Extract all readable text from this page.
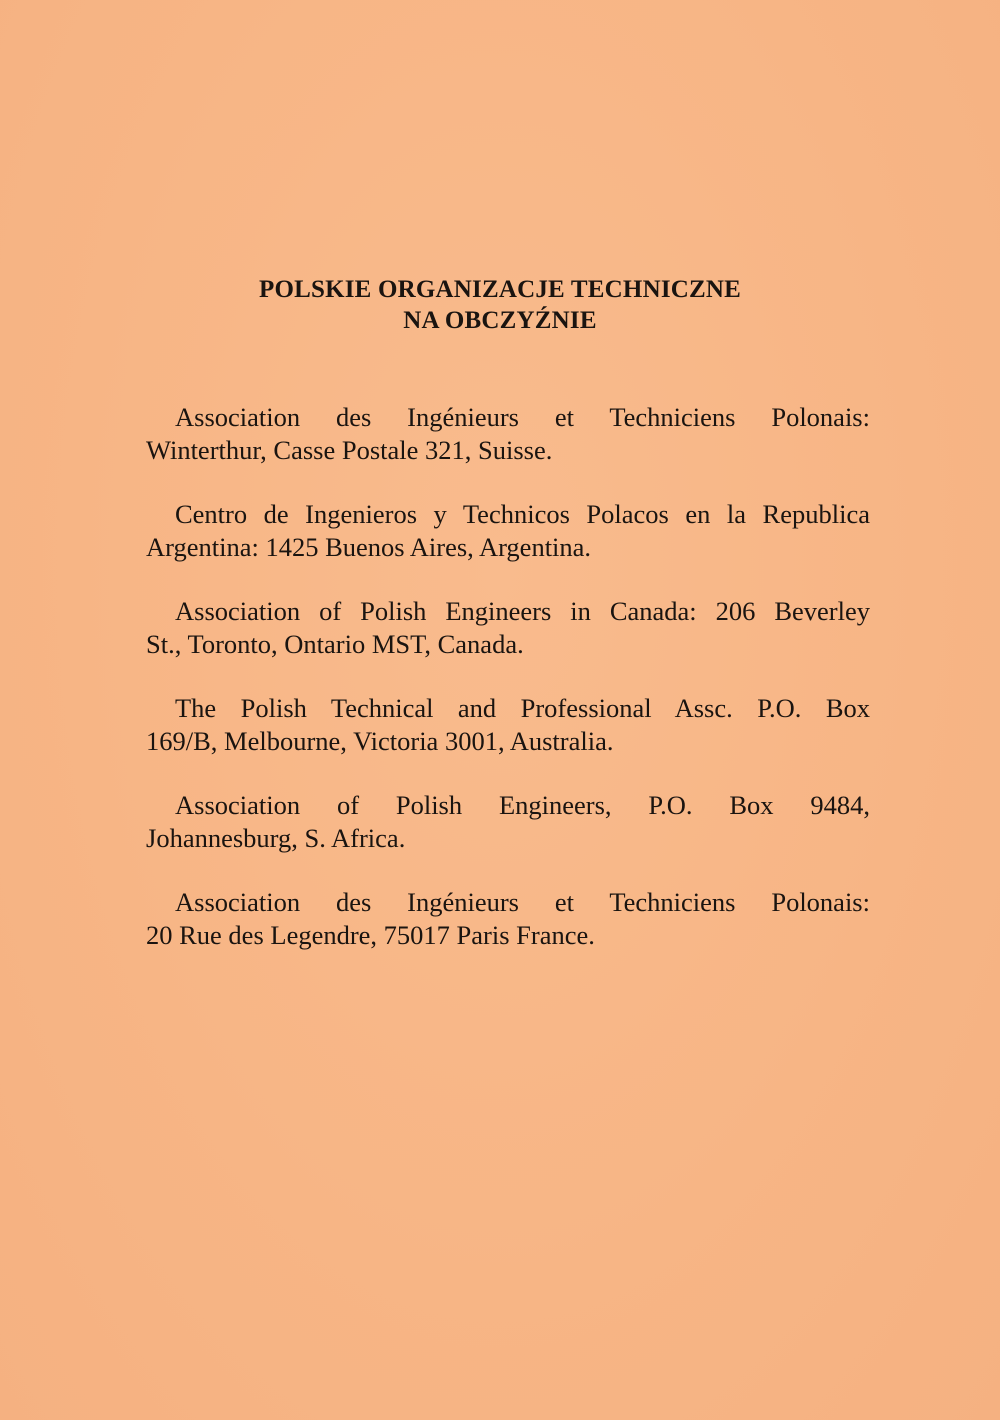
POLSKIE ORGANIZACJE TECHNICZNE
NA OBCZYŹNIE
Association des Ingénieurs et Techniciens Polonais:
Winterthur, Casse Postale 321, Suisse.
Centro de Ingenieros y Technicos Polacos en la Republica
Argentina: 1425 Buenos Aires, Argentina.
Association of Polish Engineers in Canada: 206 Beverley
St., Toronto, Ontario MST, Canada.
The Polish Technical and Professional Assc. P.O. Box
169/B, Melbourne, Victoria 3001, Australia.
Association of Polish Engineers, P.O. Box 9484,
Johannesburg, S. Africa.
Association des Ingénieurs et Techniciens Polonais:
20 Rue des Legendre, 75017 Paris France.
